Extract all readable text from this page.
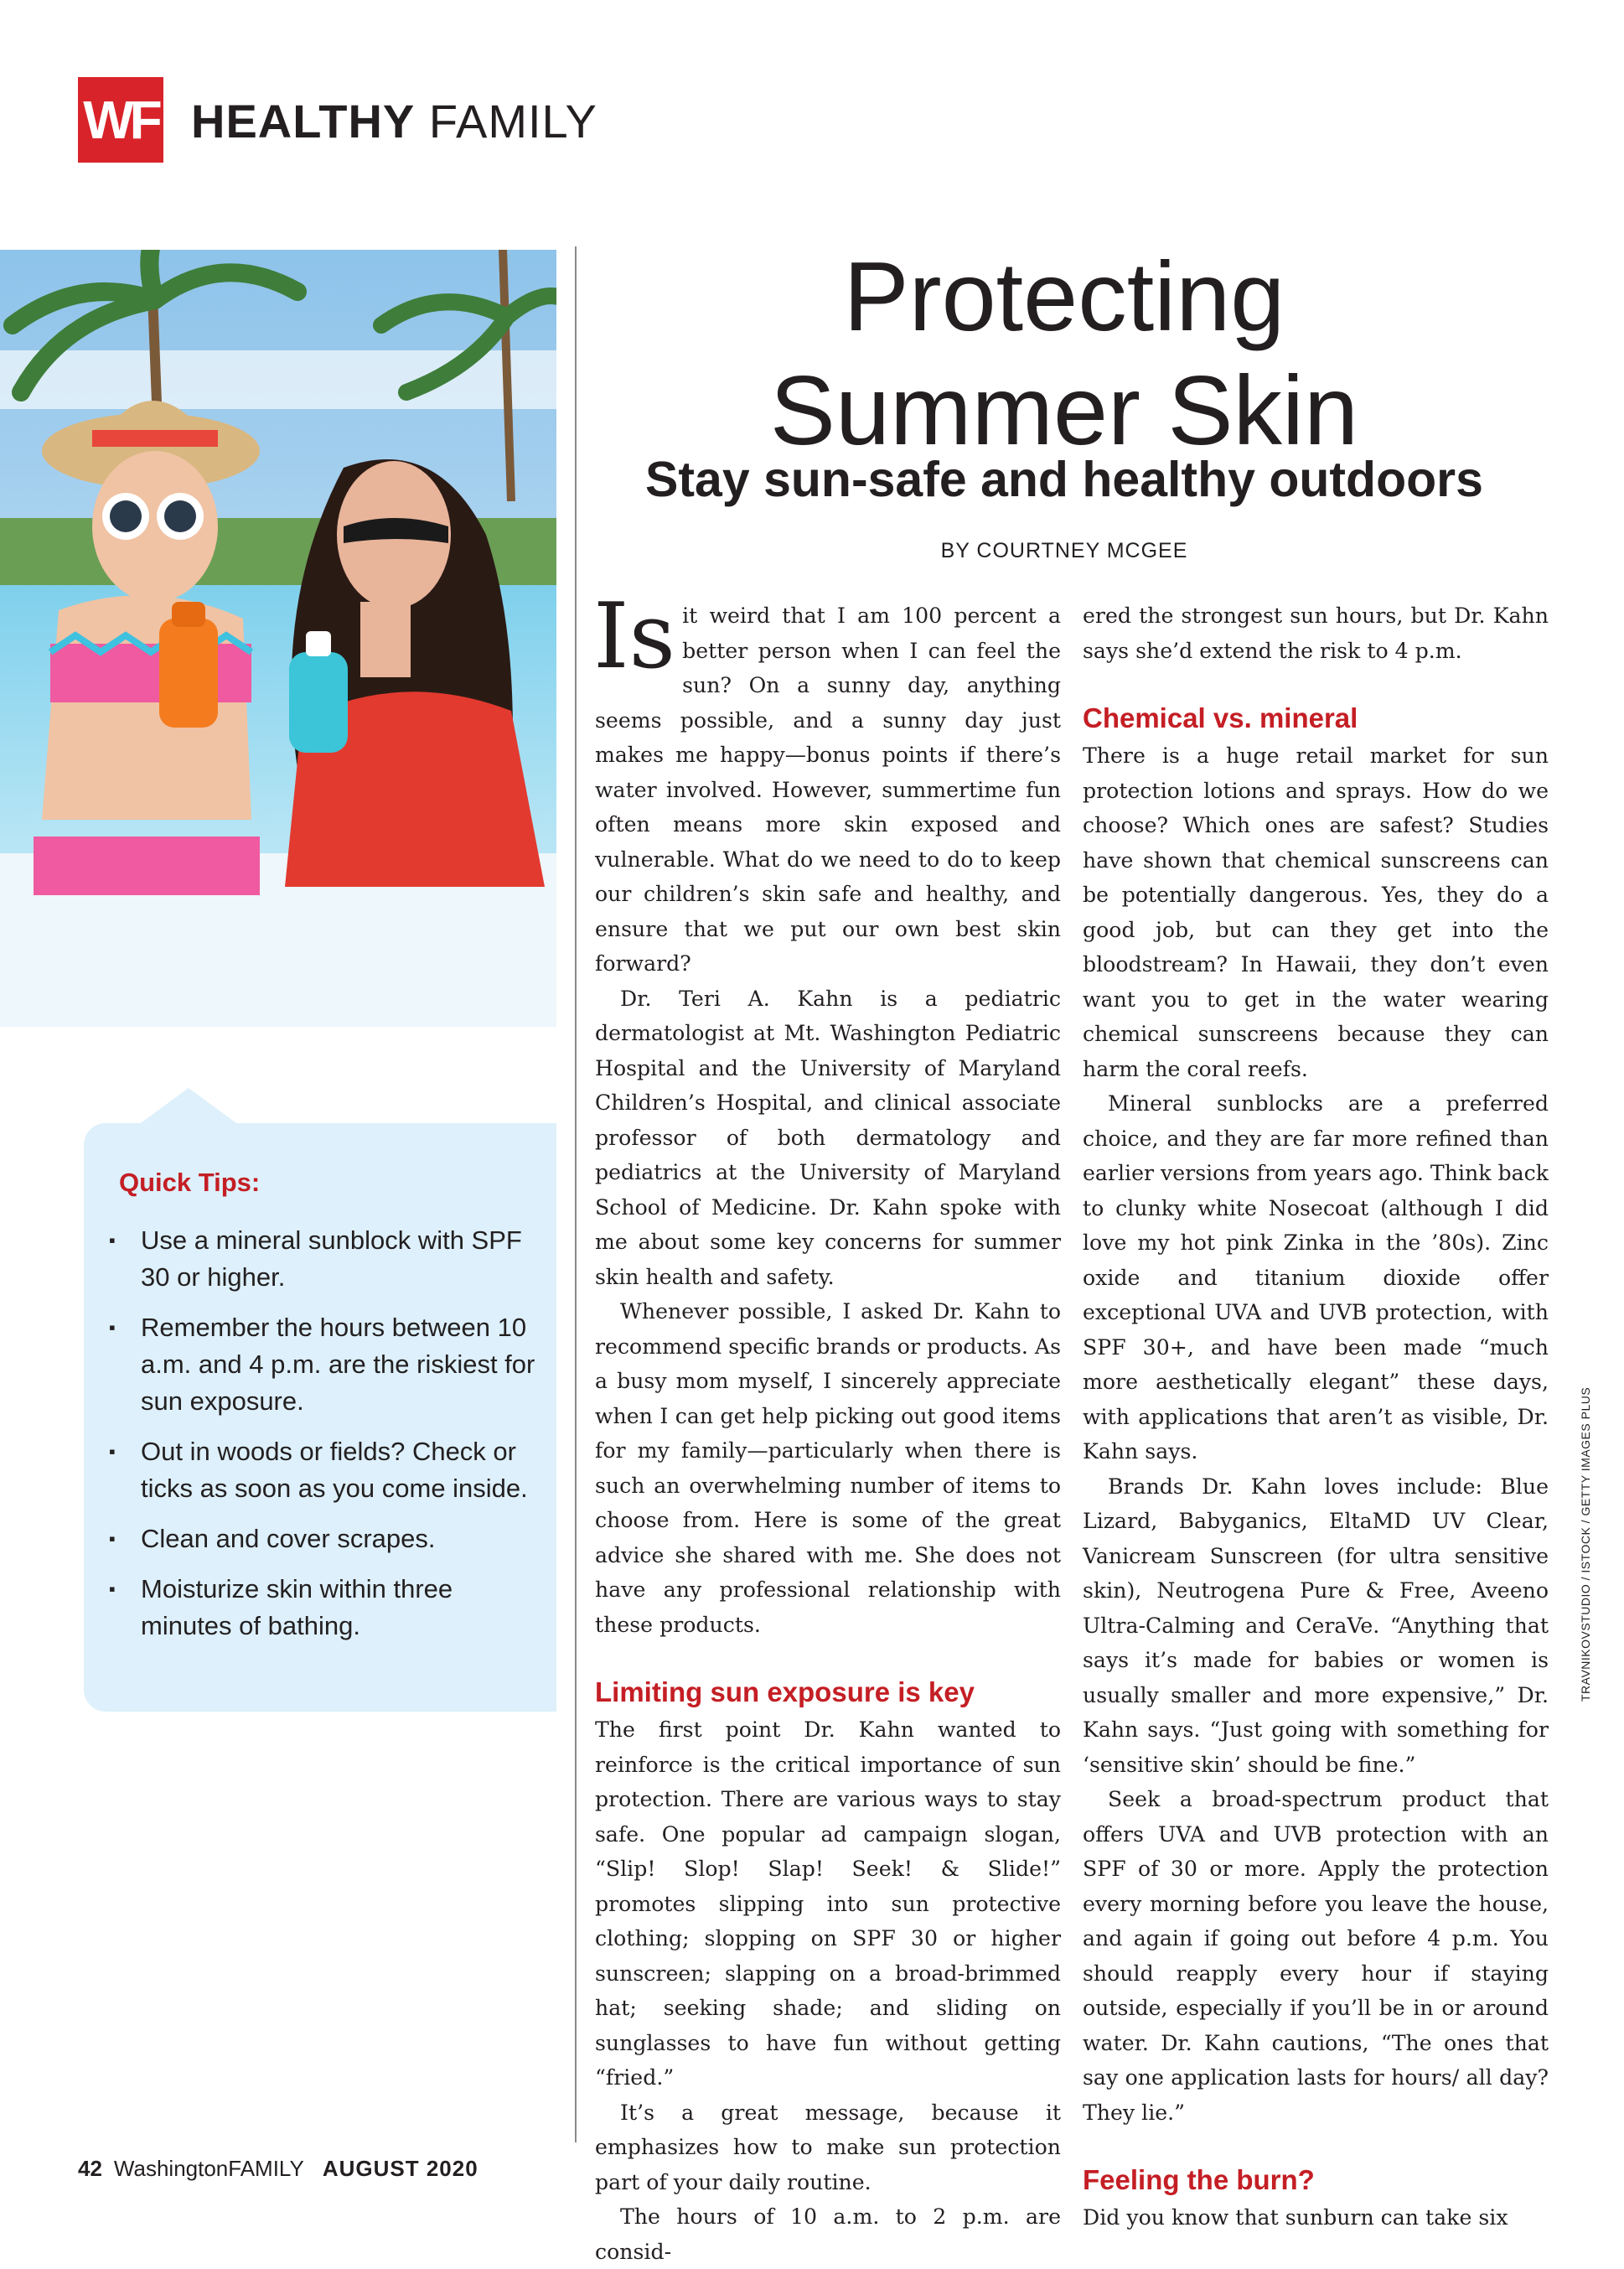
WF HEALTHY FAMILY
Quick Tips:
▪ Use a mineral sunblock with SPF 30 or higher.
▪ Remember the hours between 10 a.m. and 4 p.m. are the riskiest for sun exposure.
▪ Out in woods or fields? Check or ticks as soon as you come inside.
▪ Clean and cover scrapes.
▪ Moisturize skin within three minutes of bathing.
Protecting
Summer Skin
Stay sun-safe and healthy outdoors
BY COURTNEY MCGEE

Is it weird that I am 100 percent a better person when I can feel the sun? On a sunny day, anything seems possible, and a sunny day just makes me happy—bonus points if there’s water involved. However, summertime fun often means more skin exposed and vulnerable. What do we need to do to keep our children’s skin safe and healthy, and ensure that we put our own best skin forward?

Dr. Teri A. Kahn is a pediatric dermatologist at Mt. Washington Pediatric Hospital and the University of Maryland Children’s Hospital, and clinical associate professor of both dermatology and pediatrics at the University of Maryland School of Medicine. Dr. Kahn spoke with me about some key concerns for summer skin health and safety.

Whenever possible, I asked Dr. Kahn to recommend specific brands or products. As a busy mom myself, I sincerely appreciate when I can get help picking out good items for my family—particularly when there is such an overwhelming number of items to choose from. Here is some of the great advice she shared with me. She does not have any professional relationship with these products.

Limiting sun exposure is key

The first point Dr. Kahn wanted to reinforce is the critical importance of sun protection. There are various ways to stay safe. One popular ad campaign slogan, “Slip! Slop! Slap! Seek! & Slide!” promotes slipping into sun protective clothing; slopping on SPF 30 or higher sunscreen; slapping on a broad-brimmed hat; seeking shade; and sliding on sunglasses to have fun without getting “fried.”

It’s a great message, because it emphasizes how to make sun protection part of your daily routine.

The hours of 10 a.m. to 2 p.m. are consid-

ered the strongest sun hours, but Dr. Kahn says she’d extend the risk to 4 p.m.

Chemical vs. mineral

There is a huge retail market for sun protection lotions and sprays. How do we choose? Which ones are safest? Studies have shown that chemical sunscreens can be potentially dangerous. Yes, they do a good job, but can they get into the bloodstream? In Hawaii, they don’t even want you to get in the water wearing chemical sunscreens because they can harm the coral reefs.

Mineral sunblocks are a preferred choice, and they are far more refined than earlier versions from years ago. Think back to clunky white Nosecoat (although I did love my hot pink Zinka in the ’80s). Zinc oxide and titanium dioxide offer exceptional UVA and UVB protection, with SPF 30+, and have been made “much more aesthetically elegant” these days, with applications that aren’t as visible, Dr. Kahn says.

Brands Dr. Kahn loves include: Blue Lizard, Babyganics, EltaMD UV Clear, Vanicream Sunscreen (for ultra sensitive skin), Neutrogena Pure & Free, Aveeno Ultra-Calming and CeraVe. “Anything that says it’s made for babies or women is usually smaller and more expensive,” Dr. Kahn says. “Just going with something for ‘sensitive skin’ should be fine.”

Seek a broad-spectrum product that offers UVA and UVB protection with an SPF of 30 or more. Apply the protection every morning before you leave the house, and again if going out before 4 p.m. You should reapply every hour if staying outside, especially if you’ll be in or around water. Dr. Kahn cautions, “The ones that say one application lasts for hours/ all day? They lie.”

Feeling the burn?

Did you know that sunburn can take six

TRAVNIKOVSTUDIO / ISTOCK / GETTY IMAGES PLUS
42 WashingtonFAMILY AUGUST 2020
